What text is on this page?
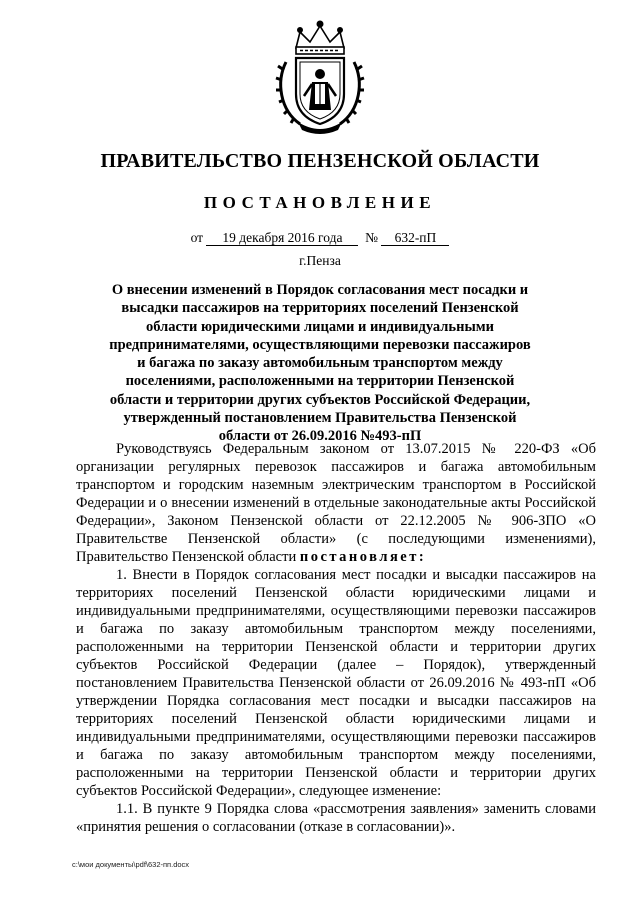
ПРАВИТЕЛЬСТВО ПЕНЗЕНСКОЙ ОБЛАСТИ
ПОСТАНОВЛЕНИЕ
от 19 декабря 2016 года № 632-пП
г.Пенза
О внесении изменений в Порядок согласования мест посадки и высадки пассажиров на территориях поселений Пензенской области юридическими лицами и индивидуальными предпринимателями, осуществляющими перевозки пассажиров и багажа по заказу автомобильным транспортом между поселениями, расположенными на территории Пензенской области и территории других субъектов Российской Федерации, утвержденный постановлением Правительства Пензенской области от 26.09.2016 №493-пП

Руководствуясь Федеральным законом от 13.07.2015 № 220-ФЗ «Об организации регулярных перевозок пассажиров и багажа автомобильным транспортом и городским наземным электрическим транспортом в Российской Федерации и о внесении изменений в отдельные законодательные акты Российской Федерации», Законом Пензенской области от 22.12.2005 № 906-ЗПО «О Правительстве Пензенской области» (с последующими изменениями), Правительство Пензенской области постановляет:

1. Внести в Порядок согласования мест посадки и высадки пассажиров на территориях поселений Пензенской области юридическими лицами и индивидуальными предпринимателями, осуществляющими перевозки пассажиров и багажа по заказу автомобильным транспортом между поселениями, расположенными на территории Пензенской области и территории других субъектов Российской Федерации (далее – Порядок), утвержденный постановлением Правительства Пензенской области от 26.09.2016 № 493-пП «Об утверждении Порядка согласования мест посадки и высадки пассажиров на территориях поселений Пензенской области юридическими лицами и индивидуальными предпринимателями, осуществляющими перевозки пассажиров и багажа по заказу автомобильным транспортом между поселениями, расположенными на территории Пензенской области и территории других субъектов Российской Федерации», следующее изменение:

1.1. В пункте 9 Порядка слова «рассмотрения заявления» заменить словами «принятия решения о согласовании (отказе в согласовании)».

c:\мои документы\pdf\632-пп.docx
